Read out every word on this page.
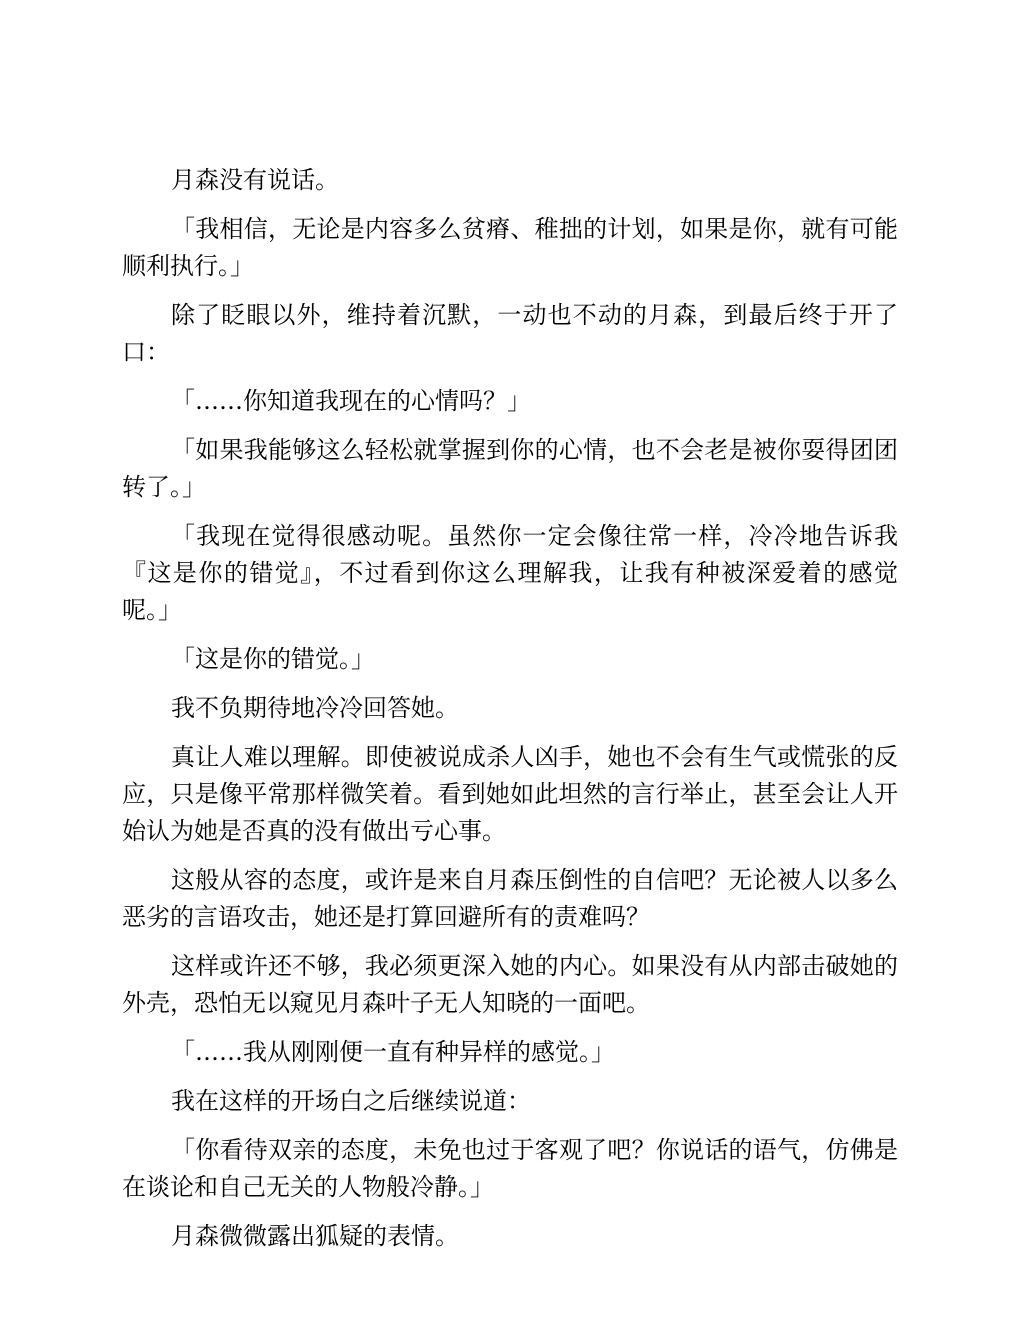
月森没有说话。

「我相信，无论是内容多么贫瘠、稚拙的计划，如果是你，就有可能顺利执行。」

除了眨眼以外，维持着沉默，一动也不动的月森，到最后终于开了口：

「……你知道我现在的心情吗？」

「如果我能够这么轻松就掌握到你的心情，也不会老是被你耍得团团转了。」

「我现在觉得很感动呢。虽然你一定会像往常一样，冷冷地告诉我『这是你的错觉』，不过看到你这么理解我，让我有种被深爱着的感觉呢。」

「这是你的错觉。」

我不负期待地冷冷回答她。

真让人难以理解。即使被说成杀人凶手，她也不会有生气或慌张的反应，只是像平常那样微笑着。看到她如此坦然的言行举止，甚至会让人开始认为她是否真的没有做出亏心事。

这般从容的态度，或许是来自月森压倒性的自信吧？无论被人以多么恶劣的言语攻击，她还是打算回避所有的责难吗？

这样或许还不够，我必须更深入她的内心。如果没有从内部击破她的外壳，恐怕无以窥见月森叶子无人知晓的一面吧。

「……我从刚刚便一直有种异样的感觉。」

我在这样的开场白之后继续说道：

「你看待双亲的态度，未免也过于客观了吧？你说话的语气，仿佛是在谈论和自己无关的人物般冷静。」

月森微微露出狐疑的表情。
